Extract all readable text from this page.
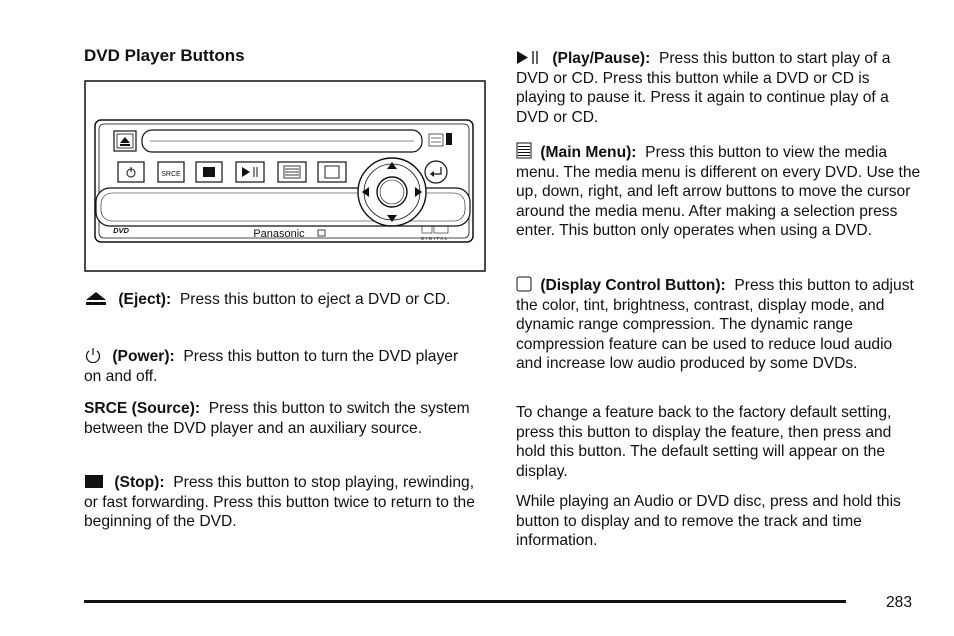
DVD Player Buttons
SRCE
DVD	Panasonic	DIGITAL

(Eject): Press this button to eject a DVD or CD.

(Power): Press this button to turn the DVD player on and off.

SRCE (Source): Press this button to switch the system between the DVD player and an auxiliary source.

(Stop): Press this button to stop playing, rewinding, or fast forwarding. Press this button twice to return to the beginning of the DVD.

(Play/Pause): Press this button to start play of a DVD or CD. Press this button while a DVD or CD is playing to pause it. Press it again to continue play of a DVD or CD.

(Main Menu): Press this button to view the media menu. The media menu is different on every DVD. Use the up, down, right, and left arrow buttons to move the cursor around the media menu. After making a selection press enter. This button only operates when using a DVD.

(Display Control Button): Press this button to adjust the color, tint, brightness, contrast, display mode, and dynamic range compression. The dynamic range compression feature can be used to reduce loud audio and increase low audio produced by some DVDs.

To change a feature back to the factory default setting, press this button to display the feature, then press and hold this button. The default setting will appear on the display.

While playing an Audio or DVD disc, press and hold this button to display and to remove the track and time information.

283
